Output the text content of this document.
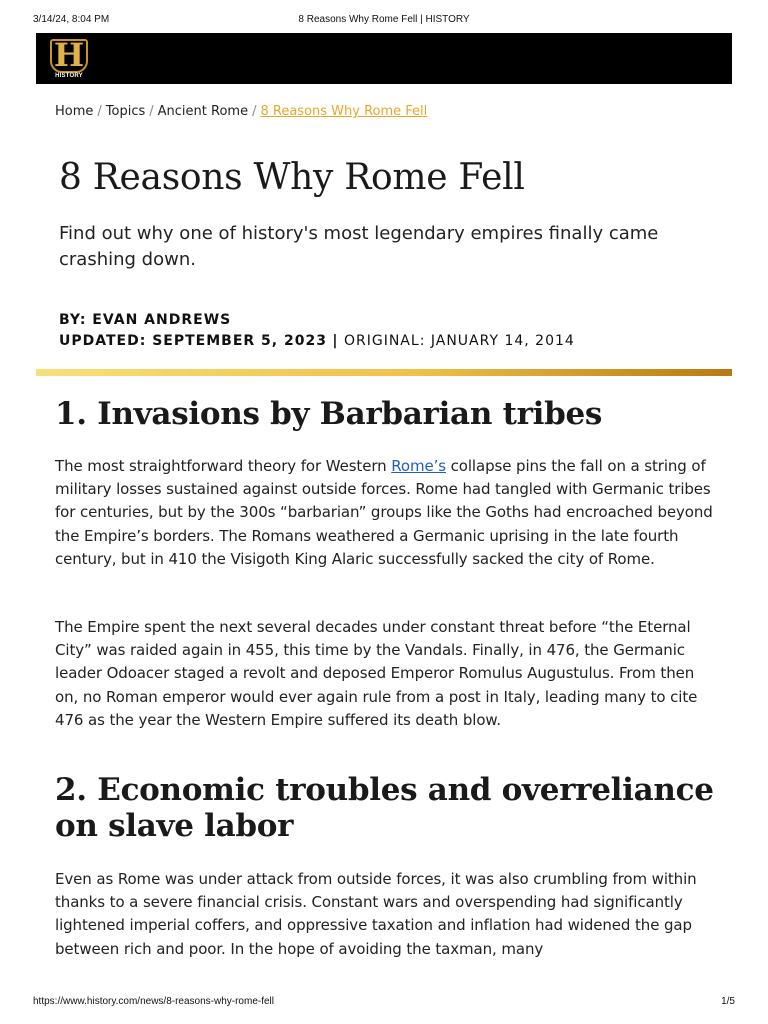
3/14/24, 8:04 PM	8 Reasons Why Rome Fell | HISTORY
H
HISTORY
Home / Topics / Ancient Rome / 8 Reasons Why Rome Fell
8 Reasons Why Rome Fell

Find out why one of history's most legendary empires finally came crashing down.

BY: EVAN ANDREWS
UPDATED: SEPTEMBER 5, 2023 | ORIGINAL: JANUARY 14, 2014
1. Invasions by Barbarian tribes

The most straightforward theory for Western Rome’s collapse pins the fall on a string of military losses sustained against outside forces. Rome had tangled with Germanic tribes for centuries, but by the 300s “barbarian” groups like the Goths had encroached beyond the Empire’s borders. The Romans weathered a Germanic uprising in the late fourth century, but in 410 the Visigoth King Alaric successfully sacked the city of Rome.

The Empire spent the next several decades under constant threat before “the Eternal City” was raided again in 455, this time by the Vandals. Finally, in 476, the Germanic leader Odoacer staged a revolt and deposed Emperor Romulus Augustulus. From then on, no Roman emperor would ever again rule from a post in Italy, leading many to cite 476 as the year the Western Empire suffered its death blow.

2. Economic troubles and overreliance on slave labor

Even as Rome was under attack from outside forces, it was also crumbling from within thanks to a severe financial crisis. Constant wars and overspending had significantly lightened imperial coffers, and oppressive taxation and inflation had widened the gap between rich and poor. In the hope of avoiding the taxman, many

https://www.history.com/news/8-reasons-why-rome-fell	1/5
